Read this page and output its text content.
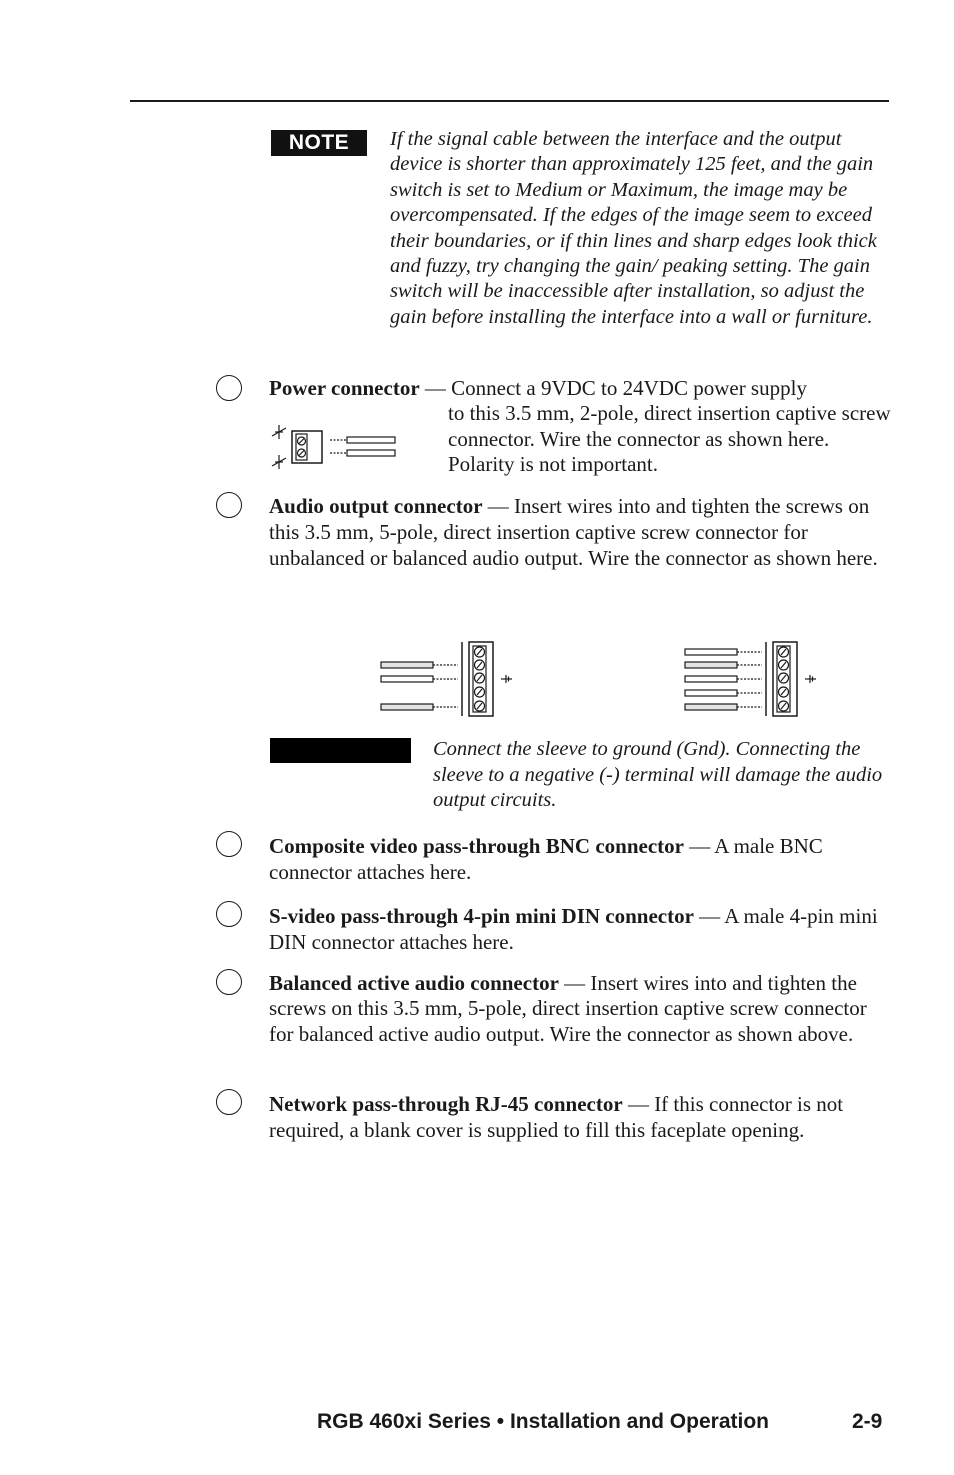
NOTE	If the signal cable between the interface and the output device is shorter than approximately 125 feet, and the gain switch is set to Medium or Maximum, the image may be overcompensated. If the edges of the image seem to exceed their boundaries, or if thin lines and sharp edges look thick and fuzzy, try changing the gain/ peaking setting. The gain switch will be inaccessible after installation, so adjust the gain before installing the interface into a wall or furniture.

Power connector — Connect a 9VDC to 24VDC power supply

to this 3.5 mm, 2-pole, direct insertion captive screw connector. Wire the connector as shown here. Polarity is not important.

Audio output connector — Insert wires into and tighten the screws on this 3.5 mm, 5-pole, direct insertion captive screw connector for unbalanced or balanced audio output. Wire the connector as shown here.

Connect the sleeve to ground (Gnd). Connecting the sleeve to a negative (-) terminal will damage the audio output circuits.

Composite video pass-through BNC connector — A male BNC connector attaches here.

S-video pass-through 4-pin mini DIN connector — A male 4-pin mini DIN connector attaches here.

Balanced active audio connector — Insert wires into and tighten the screws on this 3.5 mm, 5-pole, direct insertion captive screw connector for balanced active audio output. Wire the connector as shown above.

Network pass-through RJ-45 connector — If this connector is not required, a blank cover is supplied to fill this faceplate opening.

RGB 460xi Series • Installation and Operation	2-9
